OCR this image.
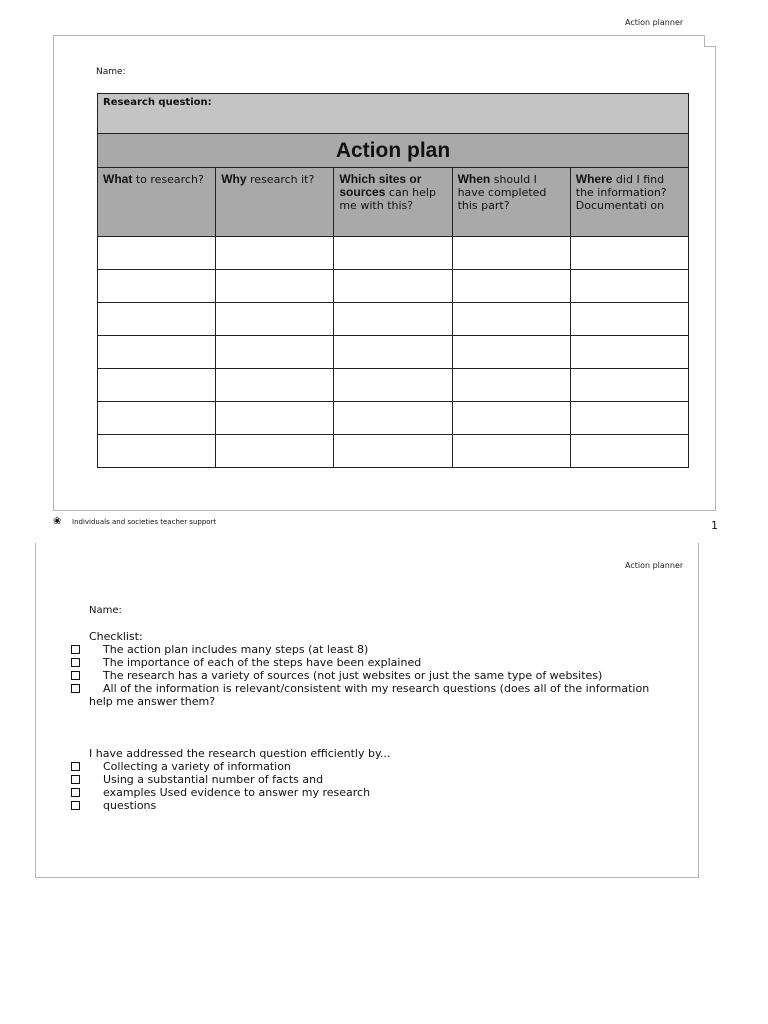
Action planner
Name:
Research question:				
Action plan				
What to research?	Why research it?	Which sites or sources can help me with this?	When should I have completed this part?	Where did I find the information? Documentati on

❀ Individuals and societies teacher support	1
Action planner
Name:
Checklist:
The action plan includes many steps (at least 8)
The importance of each of the steps have been explained
The research has a variety of sources (not just websites or just the same type of websites)
All of the information is relevant/consistent with my research questions (does all of the information
help me answer them?
I have addressed the research question efficiently by...
Collecting a variety of information
Using a substantial number of facts and
examples Used evidence to answer my research
questions
